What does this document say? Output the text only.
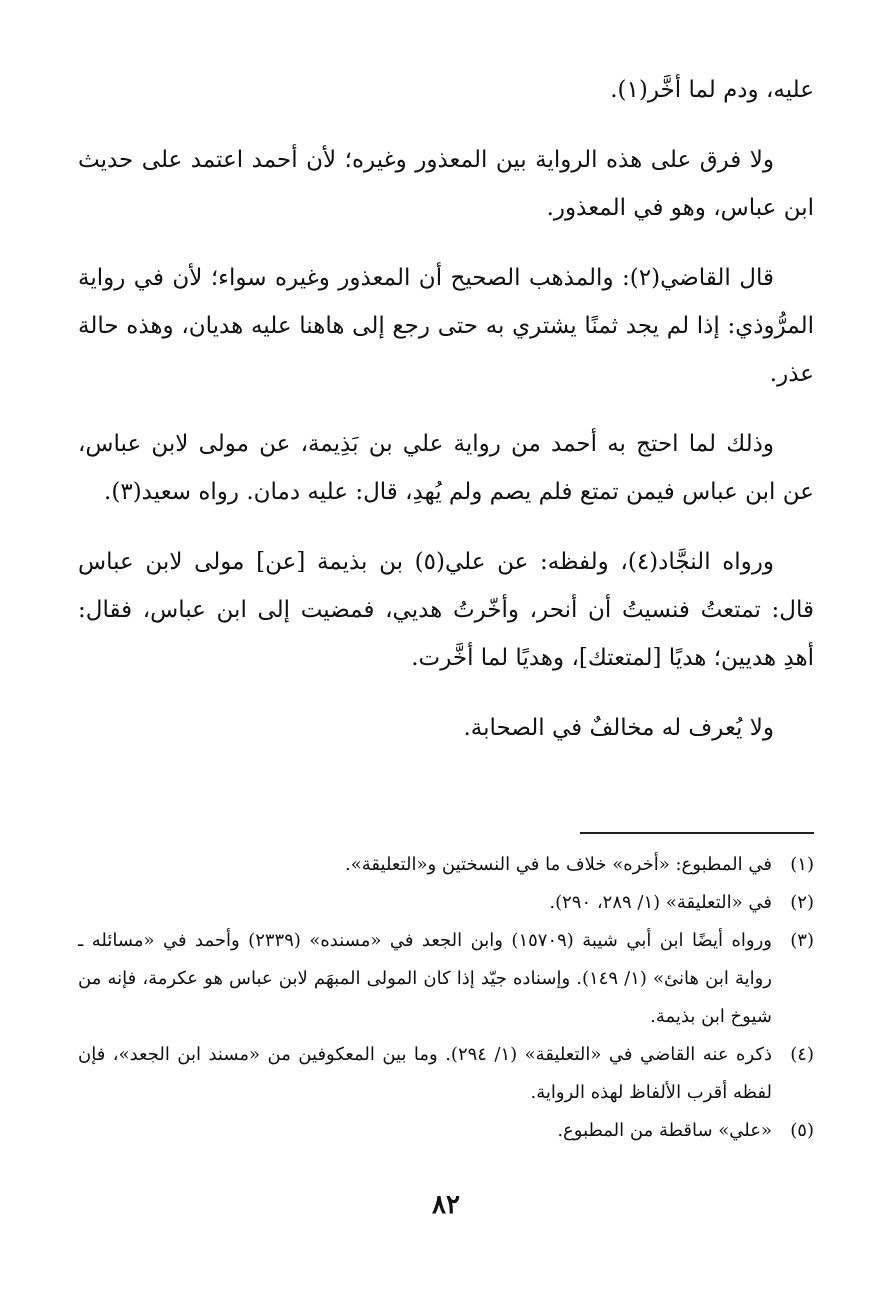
عليه، ودم لما أخَّر(١).

ولا فرق على هذه الرواية بين المعذور وغيره؛ لأن أحمد اعتمد على حديث ابن عباس، وهو في المعذور.

قال القاضي(٢): والمذهب الصحيح أن المعذور وغيره سواء؛ لأن في رواية المرُّوذي: إذا لم يجد ثمنًا يشتري به حتى رجع إلى هاهنا عليه هديان، وهذه حالة عذر.

وذلك لما احتج به أحمد من رواية علي بن بَذِيمة، عن مولى لابن عباس، عن ابن عباس فيمن تمتع فلم يصم ولم يُهدِ، قال: عليه دمان. رواه سعيد(٣).

ورواه النجَّاد(٤)، ولفظه: عن علي(٥) بن بذيمة [عن] مولى لابن عباس قال: تمتعتُ فنسيتُ أن أنحر، وأخّرتُ هديي، فمضيت إلى ابن عباس، فقال: أهدِ هديين؛ هديًا [لمتعتك]، وهديًا لما أخَّرت.

ولا يُعرف له مخالفٌ في الصحابة.

(١)
في المطبوع: «أخره» خلاف ما في النسختين و«التعليقة».
(٢)
في «التعليقة» (١/ ٢٨٩، ٢٩٠).
(٣)
ورواه أيضًا ابن أبي شيبة (١٥٧٠٩) وابن الجعد في «مسنده» (٢٣٣٩) وأحمد في «مسائله ـ رواية ابن هانئ» (١/ ١٤٩). وإسناده جيّد إذا كان المولى المبهَم لابن عباس هو عكرمة، فإنه من شيوخ ابن بذيمة.
(٤)
ذكره عنه القاضي في «التعليقة» (١/ ٢٩٤). وما بين المعكوفين من «مسند ابن الجعد»، فإن لفظه أقرب الألفاظ لهذه الرواية.
(٥)
«علي» ساقطة من المطبوع.
٨٢
